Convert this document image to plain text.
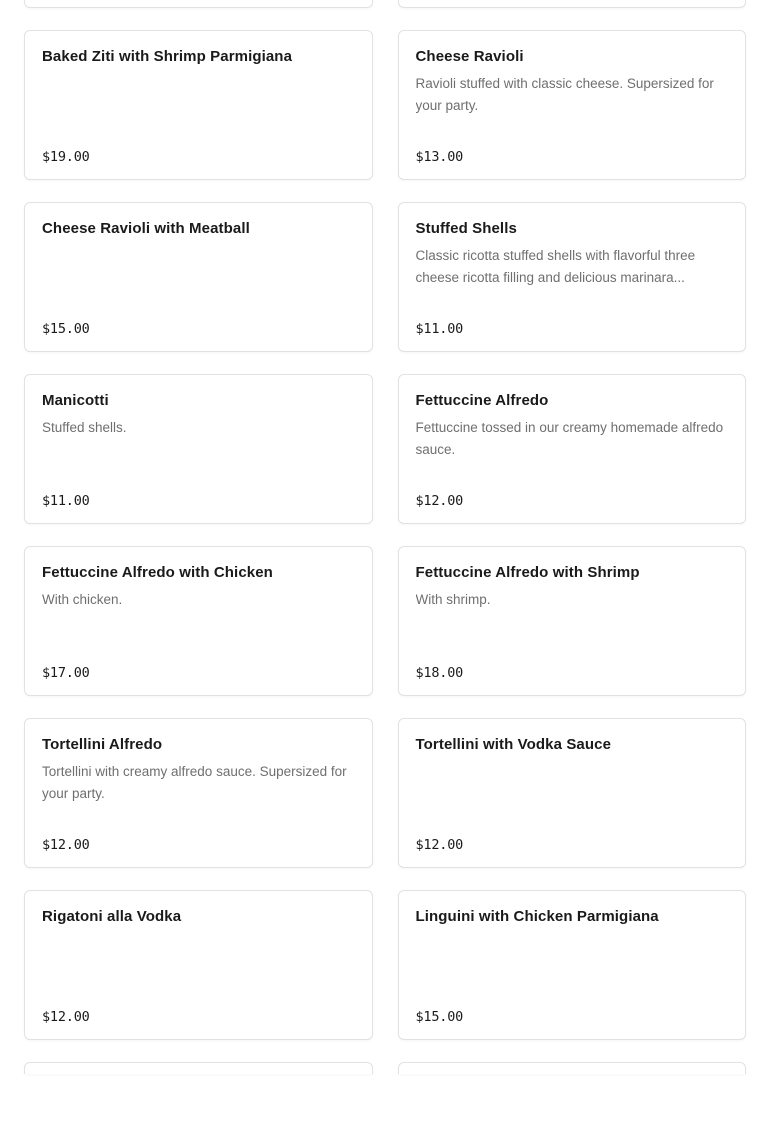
Baked Ziti with Shrimp Parmigiana
$19.00
Cheese Ravioli
Ravioli stuffed with classic cheese. Supersized for your party.
$13.00
Cheese Ravioli with Meatball
$15.00
Stuffed Shells
Classic ricotta stuffed shells with flavorful three cheese ricotta filling and delicious marinara...
$11.00
Manicotti
Stuffed shells.
$11.00
Fettuccine Alfredo
Fettuccine tossed in our creamy homemade alfredo sauce.
$12.00
Fettuccine Alfredo with Chicken
With chicken.
$17.00
Fettuccine Alfredo with Shrimp
With shrimp.
$18.00
Tortellini Alfredo
Tortellini with creamy alfredo sauce. Supersized for your party.
$12.00
Tortellini with Vodka Sauce
$12.00
Rigatoni alla Vodka
$12.00
Linguini with Chicken Parmigiana
$15.00
